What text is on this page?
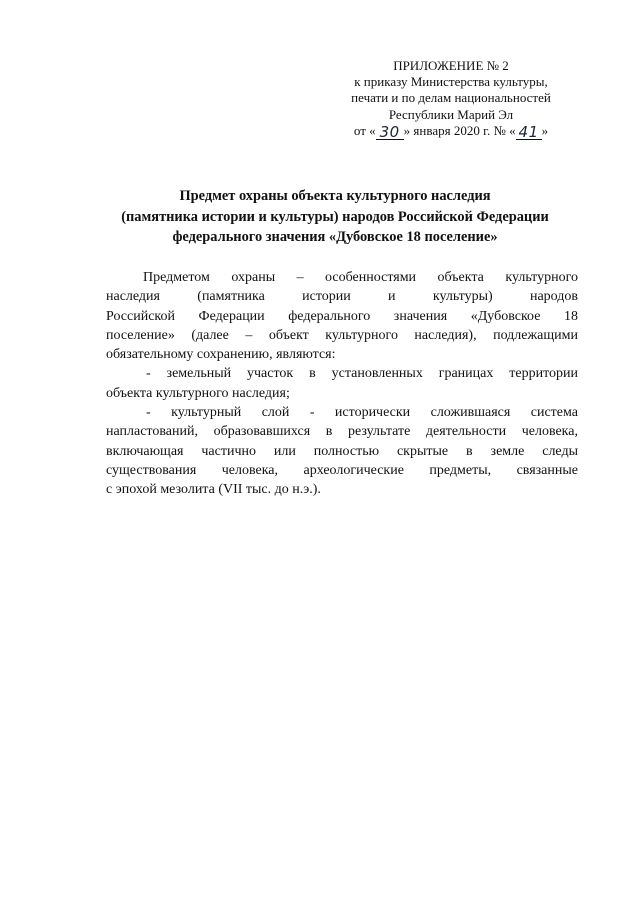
ПРИЛОЖЕНИЕ № 2
к приказу Министерства культуры,
печати и по делам национальностей
Республики Марий Эл
от « 30 » января 2020 г. № « 41 »
Предмет охраны объекта культурного наследия
(памятника истории и культуры) народов Российской Федерации
федерального значения «Дубовское 18 поселение»
Предметом охраны – особенностями объекта культурного
наследия (памятника истории и культуры) народов
Российской Федерации федерального значения «Дубовское 18
поселение» (далее – объект культурного наследия), подлежащими
обязательному сохранению, являются:
- земельный участок в установленных границах территории
объекта культурного наследия;
- культурный слой - исторически сложившаяся система
напластований, образовавшихся в результате деятельности человека,
включающая частично или полностью скрытые в земле следы
существования человека, археологические предметы, связанные
с эпохой мезолита (VII тыс. до н.э.).
